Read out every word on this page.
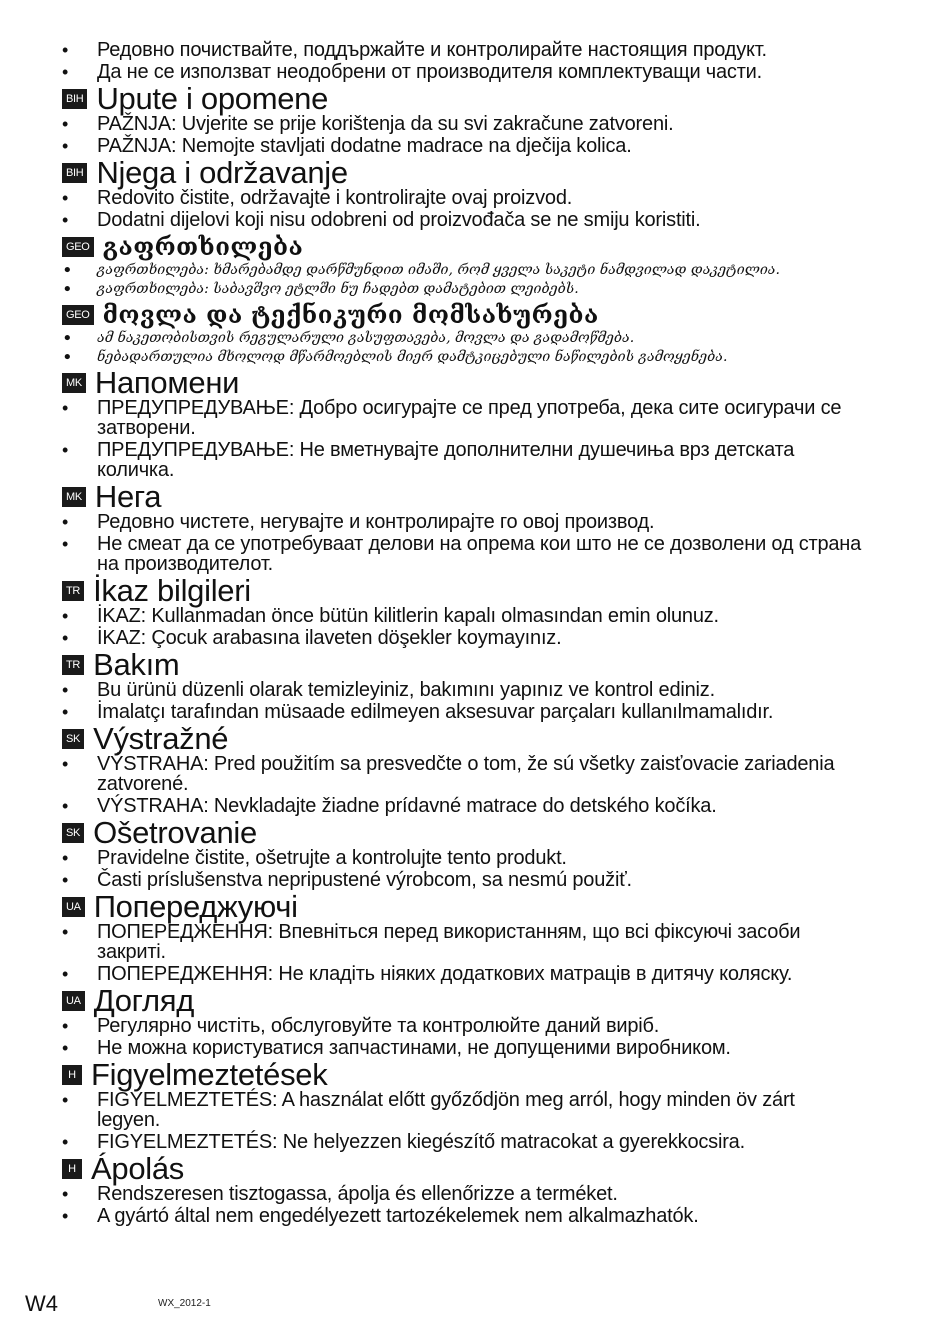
• Редовно почиствайте, поддържайте и контролирайте настоящия продукт.
• Да не се използват неодобрени от производителя комплектуващи части.
BIH Upute i opomene
• PAŽNJA: Uvjerite se prije korištenja da su svi zakračune zatvoreni.
• PAŽNJA: Nemojte stavljati dodatne madrace na dječija kolica.
BIH Njega i održavanje
• Redovito čistite, održavajte i kontrolirajte ovaj proizvod.
• Dodatni dijelovi koji nisu odobreni od proizvođača se ne smiju koristiti.
GEO გაფრთხილება
• გაფრთხილება: ხმარებამდე დარწმუნდით იმაში, რომ ყველა საკეტი ნამდვილად დაკეტილია.
• გაფრთხილება: საბავშვო ეტლში ნუ ჩადებთ დამატებით ლეიბებს.
GEO მოვლა და ტექნიკური მომსახურება
• ამ ნაკეთობისთვის რეგულარული გასუფთავება, მოვლა და გადამოწმება.
• ნებადართულია მხოლოდ მწარმოებლის მიერ დამტკიცებული ნაწილების გამოყენება.
MK Напомени
• ПРЕДУПРЕДУВАЊЕ: Добро осигурајте се пред употреба, дека сите осигурачи се затворени.
• ПРЕДУПРЕДУВАЊЕ: Не вметнувајте дополнителни душечиња врз детската количка.
MK Нега
• Редовно чистете, негувајте и контролирајте го овој производ.
• Не смеат да се употребуваат делови на опрема кои што не се дозволени од страна на производителот.
TR İkaz bilgileri
• İKAZ: Kullanmadan önce bütün kilitlerin kapalı olmasından emin olunuz.
• İKAZ: Çocuk arabasına ilaveten döşekler koymayınız.
TR Bakım
• Bu ürünü düzenli olarak temizleyiniz, bakımını yapınız ve kontrol ediniz.
• İmalatçı tarafından müsaade edilmeyen aksesuvar parçaları kullanılmamalıdır.
SK Výstražné
• VÝSTRAHA: Pred použitím sa presvedčte o tom, že sú všetky zaisťovacie zariadenia zatvorené.
• VÝSTRAHA: Nevkladajte žiadne prídavné matrace do detského kočíka.
SK Ošetrovanie
• Pravidelne čistite, ošetrujte a kontrolujte tento produkt.
• Časti príslušenstva nepripustené výrobcom, sa nesmú použiť.
UA Попереджуючі
• ПОПЕРЕДЖЕННЯ: Впевніться перед використанням, що всі фіксуючі засоби закриті.
• ПОПЕРЕДЖЕННЯ: Не кладіть ніяких додаткових матраців в дитячу коляску.
UA Догляд
• Регулярно чистіть, обслуговуйте та контролюйте даний виріб.
• Не можна користуватися запчастинами, не допущеними виробником.
H Figyelmeztetések
• FIGYELMEZTETÉS: A használat előtt győződjön meg arról, hogy minden öv zárt legyen.
• FIGYELMEZTETÉS: Ne helyezzen kiegészítő matracokat a gyerekkocsira.
H Ápolás
• Rendszeresen tisztogassa, ápolja és ellenőrizze a terméket.
• A gyártó által nem engedélyezett tartozékelemek nem alkalmazhatók.
W4	WX_2012-1
